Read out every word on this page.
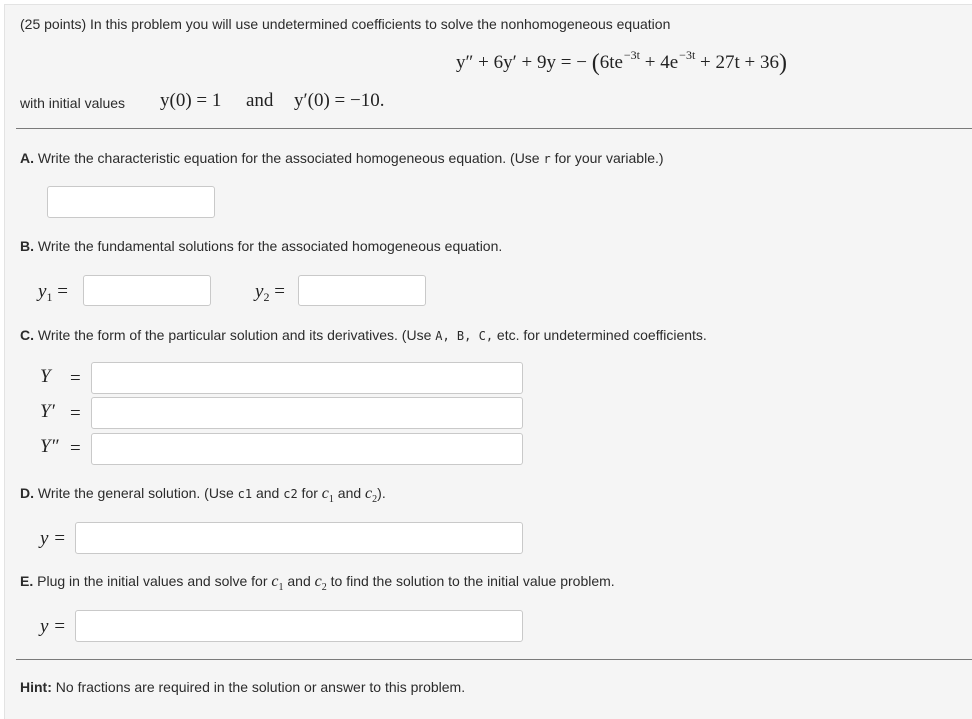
(25 points) In this problem you will use undetermined coefficients to solve the nonhomogeneous equation
y″ + 6y′ + 9y = − $(6te^{-3t} + 4e^{-3t} + 27t + 36)$
with initial values y(0) = 1 and y′(0) = −10.
A. Write the characteristic equation for the associated homogeneous equation. (Use r for your variable.)
B. Write the fundamental solutions for the associated homogeneous equation.
$y_1$ =	$y_2$ =
C. Write the form of the particular solution and its derivatives. (Use A, B, C, etc. for undetermined coefficients.
Y =
Y′ =
Y″ =
D. Write the general solution. (Use c1 and c2 for $c_1$ and $c_2$).
y =
E. Plug in the initial values and solve for $c_1$ and $c_2$ to find the solution to the initial value problem.
y =
Hint: No fractions are required in the solution or answer to this problem.
